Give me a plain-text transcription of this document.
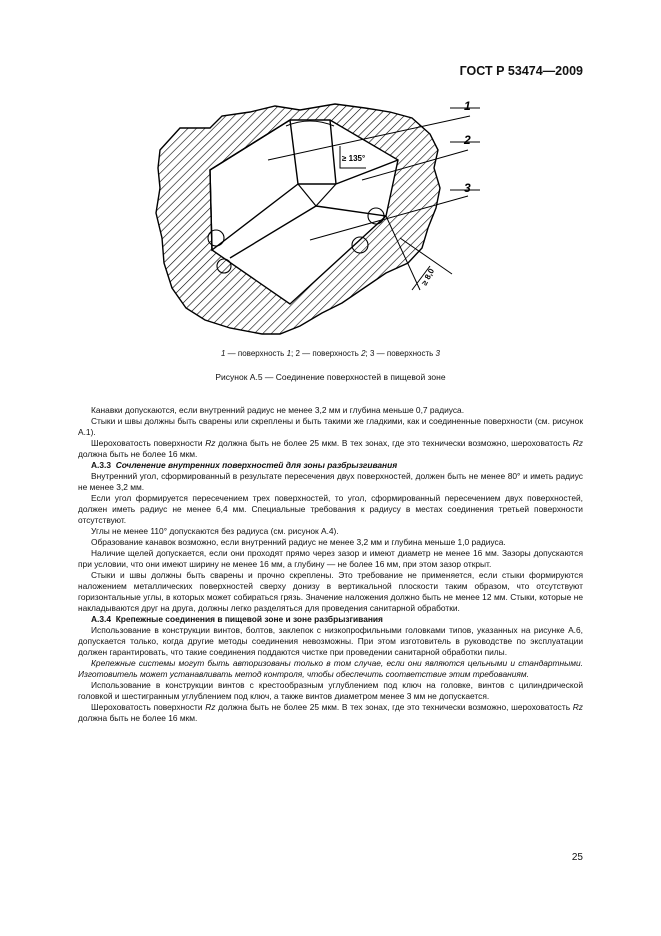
ГОСТ Р 53474—2009
1
2
3
≥ 135°
≥ 8,0
1 — поверхность 1; 2 — поверхность 2; 3 — поверхность 3
Рисунок А.5 — Соединение поверхностей в пищевой зоне

Канавки допускаются, если внутренний радиус не менее 3,2 мм и глубина меньше 0,7 радиуса.

Стыки и швы должны быть сварены или скреплены и быть такими же гладкими, как и соединенные поверхности (см. рисунок А.1).

Шероховатость поверхности Rz должна быть не более 25 мкм. В тех зонах, где это технически возможно, шероховатость Rz должна быть не более 16 мкм.

А.3.3 Сочленение внутренних поверхностей для зоны разбрызгивания

Внутренний угол, сформированный в результате пересечения двух поверхностей, должен быть не менее 80° и иметь радиус не менее 3,2 мм.

Если угол формируется пересечением трех поверхностей, то угол, сформированный пересечением двух поверхностей, должен иметь радиус не менее 6,4 мм. Специальные требования к радиусу в местах соединения третьей поверхности отсутствуют.

Углы не менее 110° допускаются без радиуса (см. рисунок А.4).

Образование канавок возможно, если внутренний радиус не менее 3,2 мм и глубина меньше 1,0 радиуса.

Наличие щелей допускается, если они проходят прямо через зазор и имеют диаметр не менее 16 мм. Зазоры допускаются при условии, что они имеют ширину не менее 16 мм, а глубину — не более 16 мм, при этом зазор открыт.

Стыки и швы должны быть сварены и прочно скреплены. Это требование не применяется, если стыки формируются наложением металлических поверхностей сверху донизу в вертикальной плоскости таким образом, что отсутствуют горизонтальные углы, в которых может собираться грязь. Значение наложения должно быть не менее 12 мм. Стыки, которые не накладываются друг на друга, должны легко разделяться для проведения санитарной обработки.

А.3.4 Крепежные соединения в пищевой зоне и зоне разбрызгивания

Использование в конструкции винтов, болтов, заклепок с низкопрофильными головками типов, указанных на рисунке А.6, допускается только, когда другие методы соединения невозможны. При этом изготовитель в руководстве по эксплуатации должен гарантировать, что такие соединения поддаются чистке при проведении санитарной обработки пилы.

Крепежные системы могут быть авторизованы только в том случае, если они являются цельными и стандартными. Изготовитель может устанавливать метод контроля, чтобы обеспечить соответствие этим требованиям.

Использование в конструкции винтов с крестообразным углублением под ключ на головке, винтов с цилиндрической головкой и шестигранным углублением под ключ, а также винтов диаметром менее 3 мм не допускается.

Шероховатость поверхности Rz должна быть не более 25 мкм. В тех зонах, где это технически возможно, шероховатость Rz должна быть не более 16 мкм.

25
